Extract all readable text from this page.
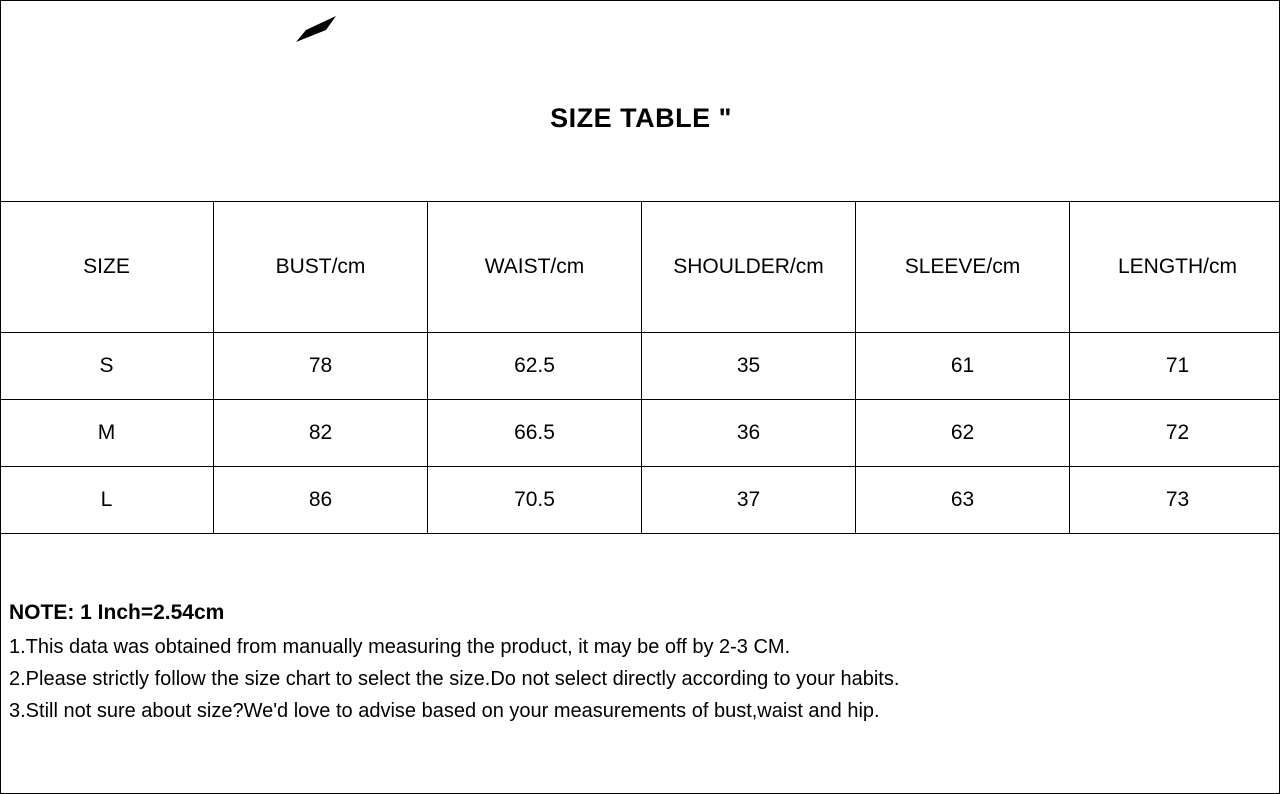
SIZE TABLE "
SIZE	BUST/cm	WAIST/cm	SHOULDER/cm	SLEEVE/cm	LENGTH/cm
S	78	62.5	35	61	71
M	82	66.5	36	62	72
L	86	70.5	37	63	73
NOTE: 1 Inch=2.54cm
1.This data was obtained from manually measuring the product, it may be off by 2-3 CM.
2.Please strictly follow the size chart to select the size.Do not select directly according to your habits.
3.Still not sure about size?We'd love to advise based on your measurements of bust,waist and hip.
